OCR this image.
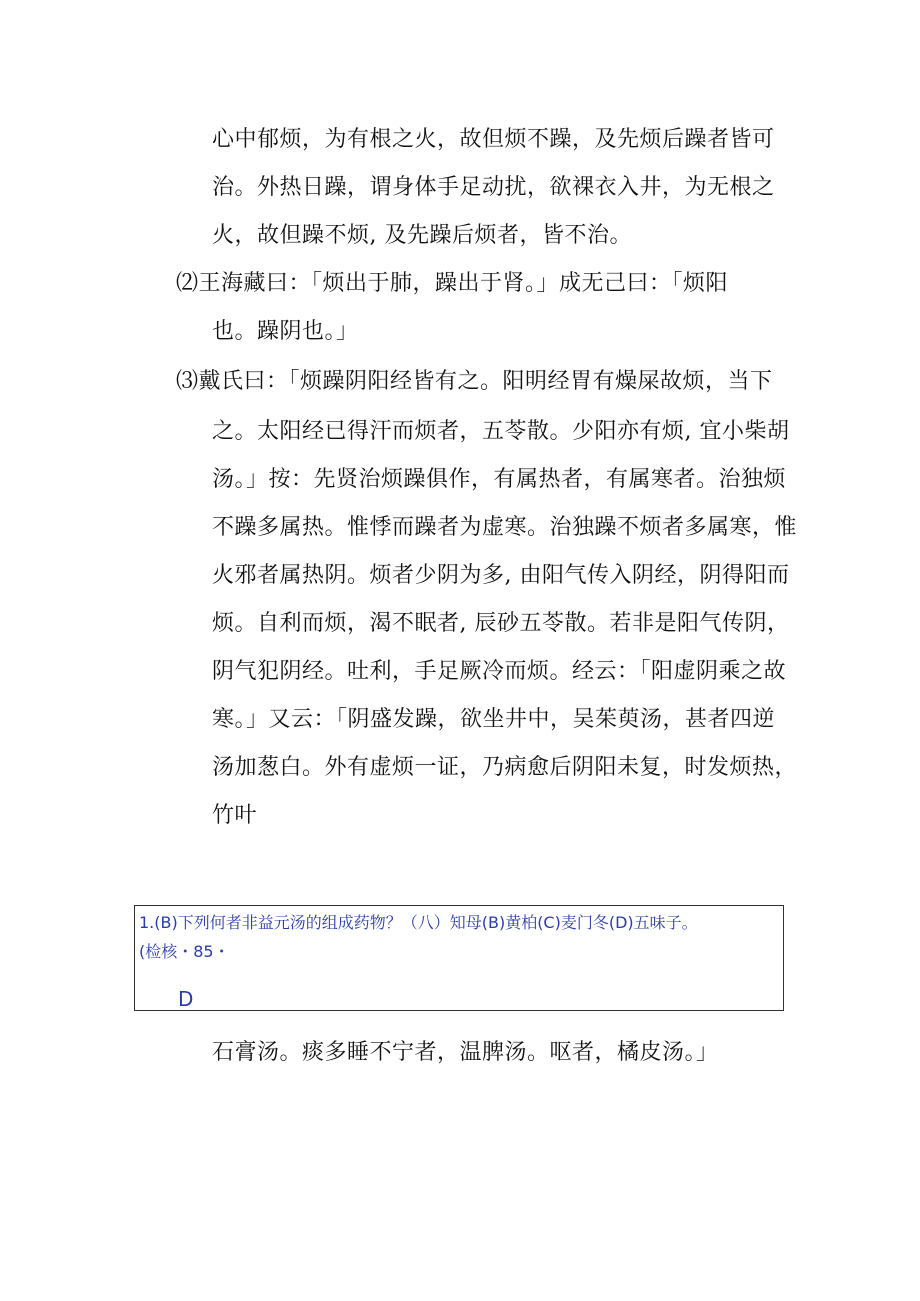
心中郁烦，为有根之火，故但烦不躁，及先烦后躁者皆可
治。外热日躁，谓身体手足动扰，欲裸衣入井，为无根之
火，故但躁不烦, 及先躁后烦者，皆不治。
⑵王海藏曰：「烦出于肺，躁出于肾。」成无己曰：「烦阳
也。躁阴也。」
⑶戴氏曰：「烦躁阴阳经皆有之。阳明经胃有燥屎故烦，当下
之。太阳经已得汗而烦者，五苓散。少阳亦有烦, 宜小柴胡
汤。」按：先贤治烦躁俱作，有属热者，有属寒者。治独烦
不躁多属热。惟悸而躁者为虚寒。治独躁不烦者多属寒，惟
火邪者属热阴。烦者少阴为多, 由阳气传入阴经，阴得阳而
烦。自利而烦，渴不眠者, 辰砂五苓散。若非是阳气传阴，
阴气犯阴经。吐利，手足厥冷而烦。经云：「阳虚阴乘之故
寒。」又云：「阴盛发躁，欲坐井中，吴茱萸汤，甚者四逆
汤加葱白。外有虚烦一证，乃病愈后阴阳未复，时发烦热，
竹叶
1.(B)下列何者非益元汤的组成药物？（八）知母(B)黄柏(C)麦门冬(D)五味子。
(检核・85・
D
石膏汤。痰多睡不宁者，温脾汤。呕者，橘皮汤。」
